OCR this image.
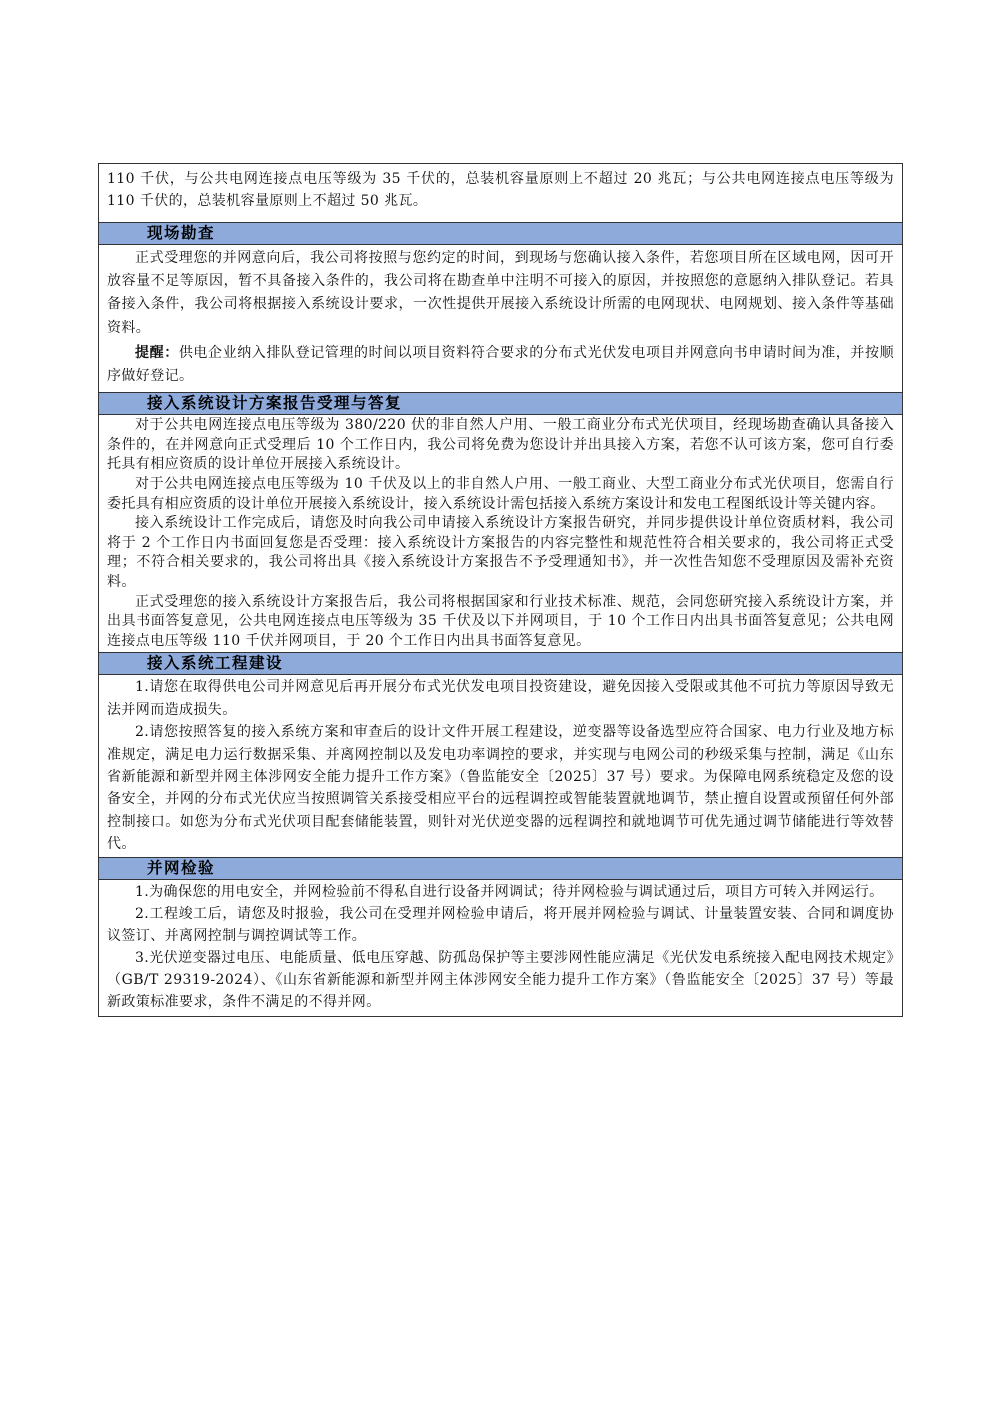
110 千伏，与公共电网连接点电压等级为 35 千伏的，总装机容量原则上不超过 20 兆瓦；与公共电网连接点电压等级为 110 千伏的，总装机容量原则上不超过 50 兆瓦。

现场勘查

正式受理您的并网意向后，我公司将按照与您约定的时间，到现场与您确认接入条件，若您项目所在区域电网，因可开放容量不足等原因，暂不具备接入条件的，我公司将在勘查单中注明不可接入的原因，并按照您的意愿纳入排队登记。若具备接入条件，我公司将根据接入系统设计要求，一次性提供开展接入系统设计所需的电网现状、电网规划、接入条件等基础资料。

提醒：供电企业纳入排队登记管理的时间以项目资料符合要求的分布式光伏发电项目并网意向书申请时间为准，并按顺序做好登记。

接入系统设计方案报告受理与答复

对于公共电网连接点电压等级为 380/220 伏的非自然人户用、一般工商业分布式光伏项目，经现场勘查确认具备接入条件的，在并网意向正式受理后 10 个工作日内，我公司将免费为您设计并出具接入方案，若您不认可该方案，您可自行委托具有相应资质的设计单位开展接入系统设计。

对于公共电网连接点电压等级为 10 千伏及以上的非自然人户用、一般工商业、大型工商业分布式光伏项目，您需自行委托具有相应资质的设计单位开展接入系统设计，接入系统设计需包括接入系统方案设计和发电工程图纸设计等关键内容。

接入系统设计工作完成后，请您及时向我公司申请接入系统设计方案报告研究，并同步提供设计单位资质材料，我公司将于 2 个工作日内书面回复您是否受理：接入系统设计方案报告的内容完整性和规范性符合相关要求的，我公司将正式受理；不符合相关要求的，我公司将出具《接入系统设计方案报告不予受理通知书》，并一次性告知您不受理原因及需补充资料。

正式受理您的接入系统设计方案报告后，我公司将根据国家和行业技术标准、规范，会同您研究接入系统设计方案，并出具书面答复意见，公共电网连接点电压等级为 35 千伏及以下并网项目，于 10 个工作日内出具书面答复意见；公共电网连接点电压等级 110 千伏并网项目，于 20 个工作日内出具书面答复意见。

接入系统工程建设

1.请您在取得供电公司并网意见后再开展分布式光伏发电项目投资建设，避免因接入受限或其他不可抗力等原因导致无法并网而造成损失。

2.请您按照答复的接入系统方案和审查后的设计文件开展工程建设，逆变器等设备选型应符合国家、电力行业及地方标准规定，满足电力运行数据采集、并离网控制以及发电功率调控的要求，并实现与电网公司的秒级采集与控制，满足《山东省新能源和新型并网主体涉网安全能力提升工作方案》（鲁监能安全〔2025〕37 号）要求。为保障电网系统稳定及您的设备安全，并网的分布式光伏应当按照调管关系接受相应平台的远程调控或智能装置就地调节，禁止擅自设置或预留任何外部控制接口。如您为分布式光伏项目配套储能装置，则针对光伏逆变器的远程调控和就地调节可优先通过调节储能进行等效替代。

并网检验

1.为确保您的用电安全，并网检验前不得私自进行设备并网调试；待并网检验与调试通过后，项目方可转入并网运行。

2.工程竣工后，请您及时报验，我公司在受理并网检验申请后，将开展并网检验与调试、计量装置安装、合同和调度协议签订、并离网控制与调控调试等工作。

3.光伏逆变器过电压、电能质量、低电压穿越、防孤岛保护等主要涉网性能应满足《光伏发电系统接入配电网技术规定》（GB/T 29319-2024）、《山东省新能源和新型并网主体涉网安全能力提升工作方案》（鲁监能安全〔2025〕37 号）等最新政策标准要求，条件不满足的不得并网。
